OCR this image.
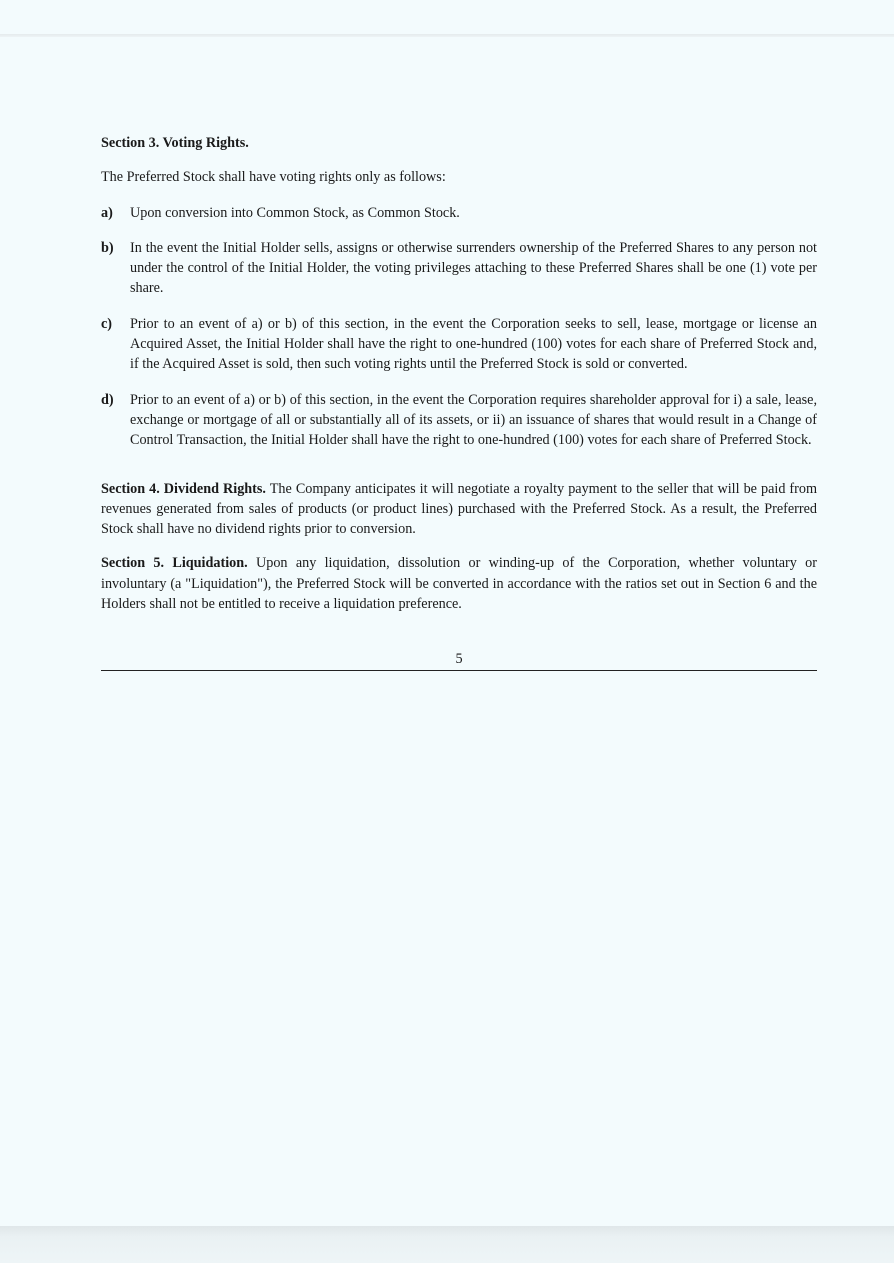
Section 3. Voting Rights.

The Preferred Stock shall have voting rights only as follows:

a)	Upon conversion into Common Stock, as Common Stock.
b)	In the event the Initial Holder sells, assigns or otherwise surrenders ownership of the Preferred Shares to any person not under the control of the Initial Holder, the voting privileges attaching to these Preferred Shares shall be one (1) vote per share.
c)	Prior to an event of a) or b) of this section, in the event the Corporation seeks to sell, lease, mortgage or license an Acquired Asset, the Initial Holder shall have the right to one-hundred (100) votes for each share of Preferred Stock and, if the Acquired Asset is sold, then such voting rights until the Preferred Stock is sold or converted.
d)	Prior to an event of a) or b) of this section, in the event the Corporation requires shareholder approval for i) a sale, lease, exchange or mortgage of all or substantially all of its assets, or ii) an issuance of shares that would result in a Change of Control Transaction, the Initial Holder shall have the right to one-hundred (100) votes for each share of Preferred Stock.

Section 4. Dividend Rights. The Company anticipates it will negotiate a royalty payment to the seller that will be paid from revenues generated from sales of products (or product lines) purchased with the Preferred Stock. As a result, the Preferred Stock shall have no dividend rights prior to conversion.

Section 5. Liquidation. Upon any liquidation, dissolution or winding-up of the Corporation, whether voluntary or involuntary (a "Liquidation"), the Preferred Stock will be converted in accordance with the ratios set out in Section 6 and the Holders shall not be entitled to receive a liquidation preference.

5
